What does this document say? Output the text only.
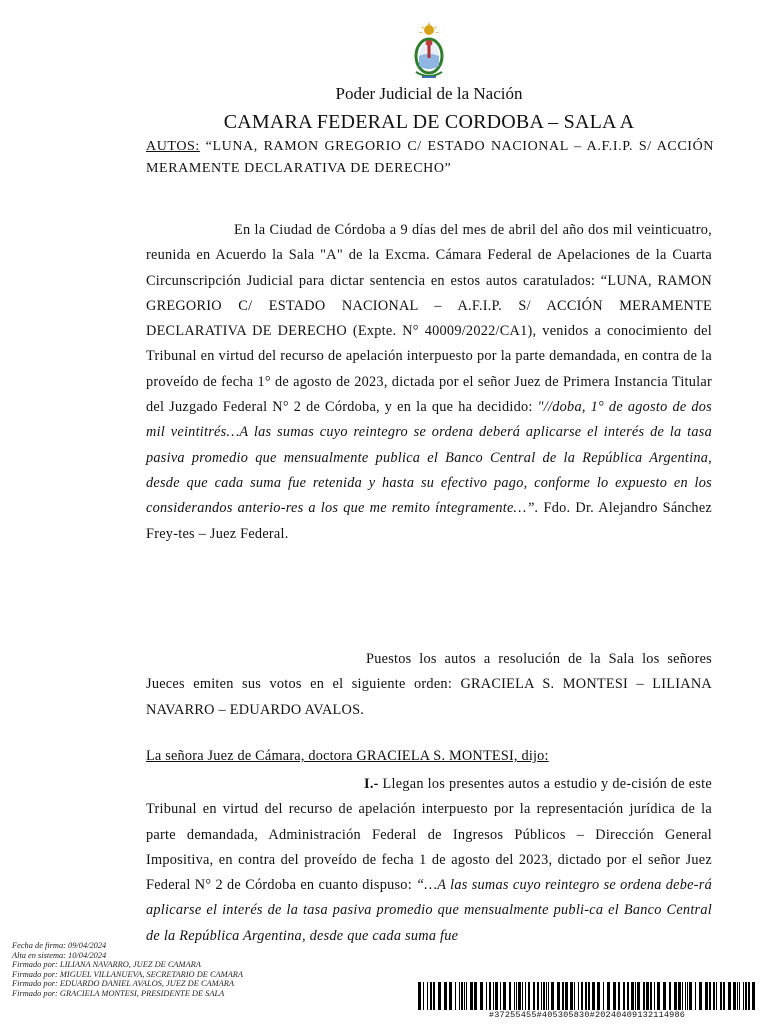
Poder Judicial de la Nación
CAMARA FEDERAL DE CORDOBA – SALA A
AUTOS: “LUNA, RAMON GREGORIO C/ ESTADO NACIONAL – A.F.I.P. S/ ACCIÓN MERAMENTE DECLARATIVA DE DERECHO”
En la Ciudad de Córdoba a 9 días del mes de abril del año dos mil veinticuatro, reunida en Acuerdo la Sala "A" de la Excma. Cámara Federal de Apelaciones de la Cuarta Circunscripción Judicial para dictar sentencia en estos autos caratulados: “LUNA, RAMON GREGORIO C/ ESTADO NACIONAL – A.F.I.P. S/ ACCIÓN MERAMENTE DECLARATIVA DE DERECHO (Expte. N° 40009/2022/CA1), venidos a conocimiento del Tribunal en virtud del recurso de apelación interpuesto por la parte demandada, en contra de la proveído de fecha 1° de agosto de 2023, dictada por el señor Juez de Primera Instancia Titular del Juzgado Federal N° 2 de Córdoba, y en la que ha decidido: "//doba, 1° de agosto de dos mil veintitrés…A las sumas cuyo reintegro se ordena deberá aplicarse el interés de la tasa pasiva promedio que mensualmente publica el Banco Central de la República Argentina, desde que cada suma fue retenida y hasta su efectivo pago, conforme lo expuesto en los considerandos anterio-res a los que me remito íntegramente…”. Fdo. Dr. Alejandro Sánchez Frey-tes – Juez Federal.
Puestos los autos a resolución de la Sala los señores Jueces emiten sus votos en el siguiente orden: GRACIELA S. MONTESI – LILIANA NAVARRO – EDUARDO AVALOS.
La señora Juez de Cámara, doctora GRACIELA S. MONTESI, dijo:
I.- Llegan los presentes autos a estudio y de-cisión de este Tribunal en virtud del recurso de apelación interpuesto por la representación jurídica de la parte demandada, Administración Federal de Ingresos Públicos – Dirección General Impositiva, en contra del proveído de fecha 1 de agosto del 2023, dictado por el señor Juez Federal N° 2 de Córdoba en cuanto dispuso: “…A las sumas cuyo reintegro se ordena debe-rá aplicarse el interés de la tasa pasiva promedio que mensualmente publi-ca el Banco Central de la República Argentina, desde que cada suma fue
Fecha de firma: 09/04/2024
Alta en sistema: 10/04/2024
Firmado por: LILIANA NAVARRO, JUEZ DE CAMARA
Firmado por: MIGUEL VILLANUEVA, SECRETARIO DE CAMARA
Firmado por: EDUARDO DANIEL AVALOS, JUEZ DE CAMARA
Firmado por: GRACIELA MONTESI, PRESIDENTE DE SALA
#37255455#405305830#20240409132114986
